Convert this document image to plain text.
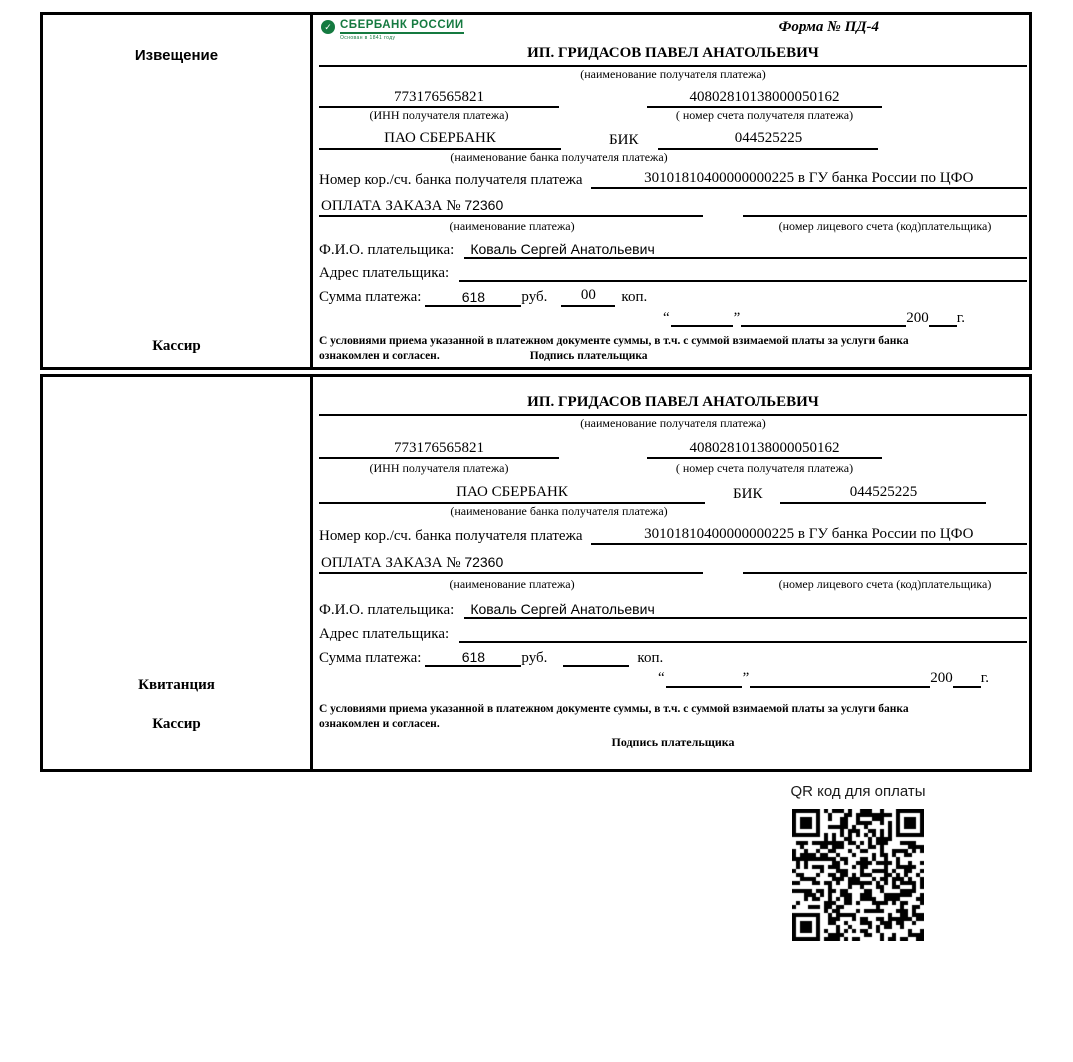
Извещение
Кассир
✓ СБЕРБАНК РОССИИ
Основан в 1841 году
Форма № ПД-4
ИП. ГРИДАСОВ ПАВЕЛ АНАТОЛЬЕВИЧ
(наименование получателя платежа)
773176565821	40802810138000050162
(ИНН получателя платежа)	( номер счета получателя платежа)
ПАО СБЕРБАНК	БИК	044525225
(наименование банка получателя платежа)
Номер кор./сч. банка получателя платежа	30101810400000000225 в ГУ банка России по ЦФО
ОПЛАТА ЗАКАЗА № 72360
(наименование платежа)	(номер лицевого счета (код)плательщика)
Ф.И.О. плательщика:	Коваль Сергей Анатольевич
Адрес плательщика:
Сумма платежа:	618	руб.	00	коп.
“	”	200 г.
С условиями приема указанной в платежном документе суммы, в т.ч. с суммой взимаемой платы за услуги банка
ознакомлен и согласен.	Подпись плательщика
Квитанция
Кассир
ИП. ГРИДАСОВ ПАВЕЛ АНАТОЛЬЕВИЧ
(наименование получателя платежа)
773176565821	40802810138000050162
(ИНН получателя платежа)	( номер счета получателя платежа)
ПАО СБЕРБАНК	БИК	044525225
(наименование банка получателя платежа)
Номер кор./сч. банка получателя платежа	30101810400000000225 в ГУ банка России по ЦФО
ОПЛАТА ЗАКАЗА № 72360
(наименование платежа)	(номер лицевого счета (код)плательщика)
Ф.И.О. плательщика:	Коваль Сергей Анатольевич
Адрес плательщика:
Сумма платежа:	618	руб.	коп.
“	”	200 г.
С условиями приема указанной в платежном документе суммы, в т.ч. с суммой взимаемой платы за услуги банка
ознакомлен и согласен.
Подпись плательщика
QR код для оплаты
